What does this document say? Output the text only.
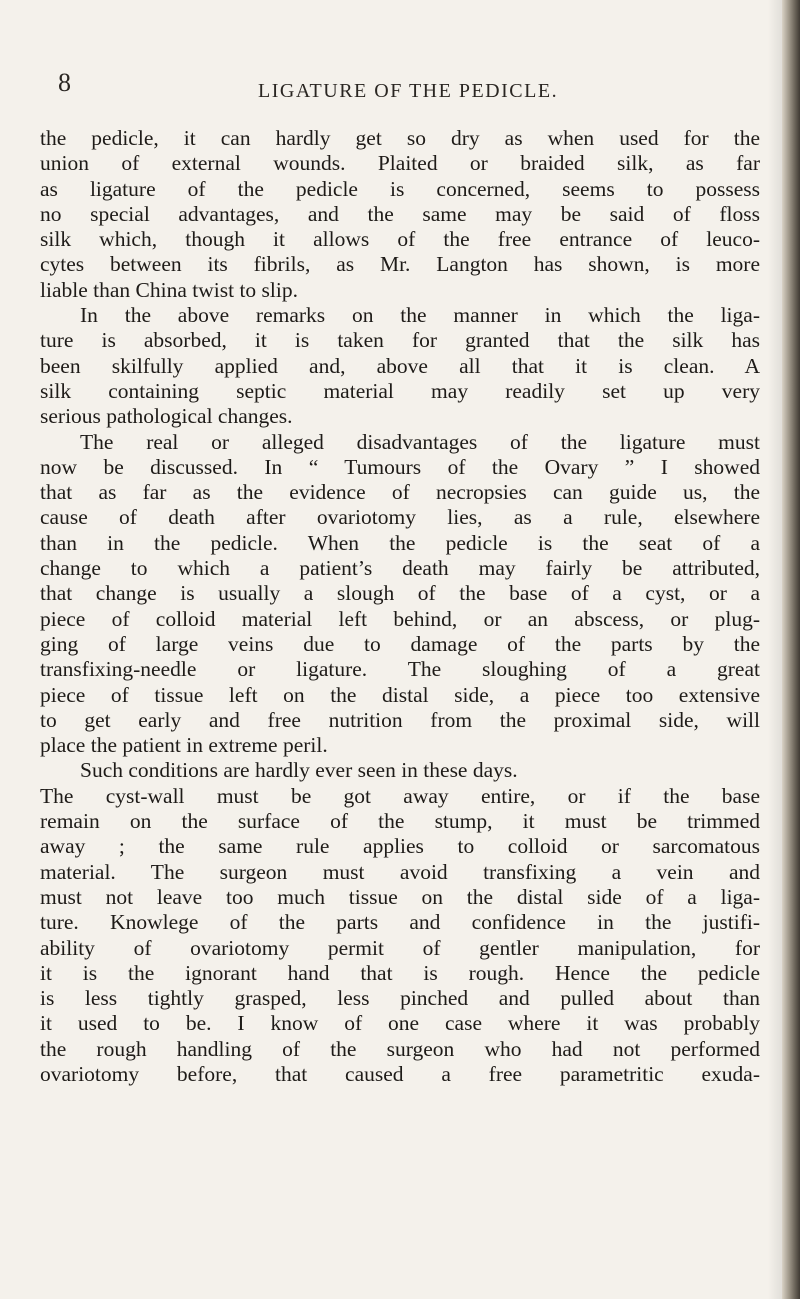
8	LIGATURE OF THE PEDICLE.
the pedicle, it can hardly get so dry as when used for the
union of external wounds. Plaited or braided silk, as far
as ligature of the pedicle is concerned, seems to possess
no special advantages, and the same may be said of floss
silk which, though it allows of the free entrance of leuco-
cytes between its fibrils, as Mr. Langton has shown, is more
liable than China twist to slip.
In the above remarks on the manner in which the liga-
ture is absorbed, it is taken for granted that the silk has
been skilfully applied and, above all that it is clean. A
silk containing septic material may readily set up very
serious pathological changes.
The real or alleged disadvantages of the ligature must
now be discussed. In “ Tumours of the Ovary ” I showed
that as far as the evidence of necropsies can guide us, the
cause of death after ovariotomy lies, as a rule, elsewhere
than in the pedicle. When the pedicle is the seat of a
change to which a patient’s death may fairly be attributed,
that change is usually a slough of the base of a cyst, or a
piece of colloid material left behind, or an abscess, or plug-
ging of large veins due to damage of the parts by the
transfixing-needle or ligature. The sloughing of a great
piece of tissue left on the distal side, a piece too extensive
to get early and free nutrition from the proximal side, will
place the patient in extreme peril.
Such conditions are hardly ever seen in these days.
The cyst-wall must be got away entire, or if the base
remain on the surface of the stump, it must be trimmed
away ; the same rule applies to colloid or sarcomatous
material. The surgeon must avoid transfixing a vein and
must not leave too much tissue on the distal side of a liga-
ture. Knowlege of the parts and confidence in the justifi-
ability of ovariotomy permit of gentler manipulation, for
it is the ignorant hand that is rough. Hence the pedicle
is less tightly grasped, less pinched and pulled about than
it used to be. I know of one case where it was probably
the rough handling of the surgeon who had not performed
ovariotomy before, that caused a free parametritic exuda-
